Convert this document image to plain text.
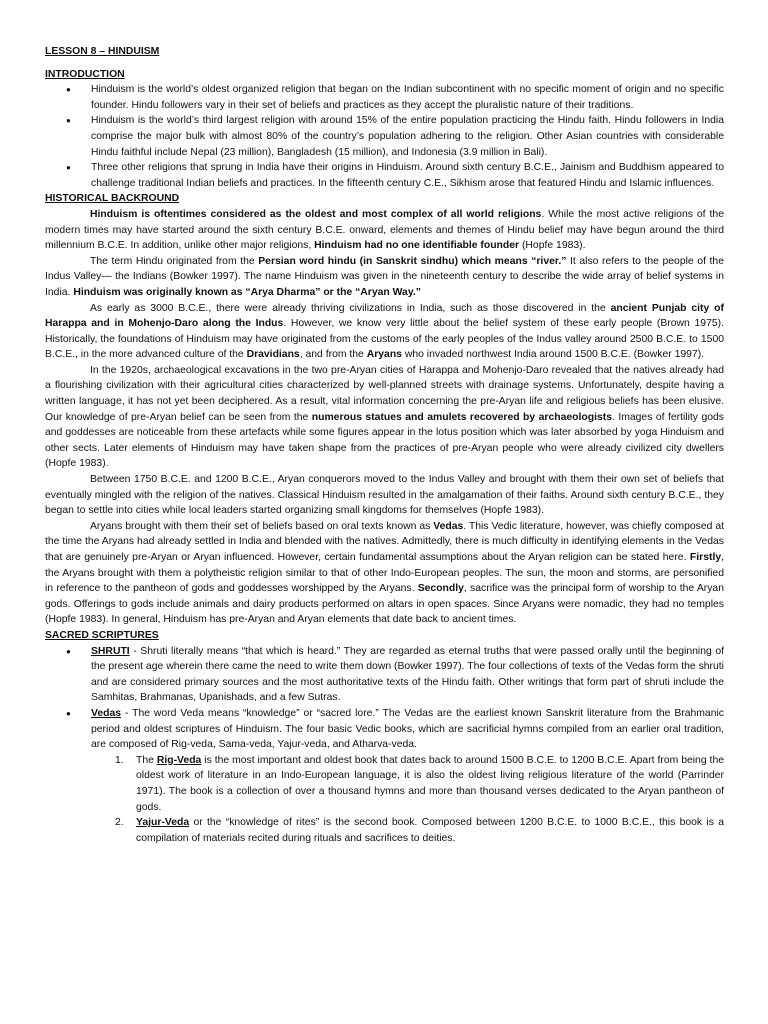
LESSON 8 – HINDUISM
INTRODUCTION
● Hinduism is the world’s oldest organized religion that began on the Indian subcontinent with no specific moment of origin and no specific founder. Hindu followers vary in their set of beliefs and practices as they accept the pluralistic nature of their traditions.
● Hinduism is the world’s third largest religion with around 15% of the entire population practicing the Hindu faith. Hindu followers in India comprise the major bulk with almost 80% of the country’s population adhering to the religion. Other Asian countries with considerable Hindu faithful include Nepal (23 million), Bangladesh (15 million), and Indonesia (3.9 million in Bali).
● Three other religions that sprung in India have their origins in Hinduism. Around sixth century B.C.E., Jainism and Buddhism appeared to challenge traditional Indian beliefs and practices. In the fifteenth century C.E., Sikhism arose that featured Hindu and Islamic influences.
HISTORICAL BACKROUND

Hinduism is oftentimes considered as the oldest and most complex of all world religions. While the most active religions of the modern times may have started around the sixth century B.C.E. onward, elements and themes of Hindu belief may have begun around the third millennium B.C.E. In addition, unlike other major religions, Hinduism had no one identifiable founder (Hopfe 1983).

The term Hindu originated from the Persian word hindu (in Sanskrit sindhu) which means “river.” It also refers to the people of the Indus Valley— the Indians (Bowker 1997). The name Hinduism was given in the nineteenth century to describe the wide array of belief systems in India. Hinduism was originally known as “Arya Dharma” or the “Aryan Way.”

As early as 3000 B.C.E., there were already thriving civilizations in India, such as those discovered in the ancient Punjab city of Harappa and in Mohenjo-Daro along the Indus. However, we know very little about the belief system of these early people (Brown 1975). Historically, the foundations of Hinduism may have originated from the customs of the early peoples of the Indus valley around 2500 B.C.E. to 1500 B.C.E., in the more advanced culture of the Dravidians, and from the Aryans who invaded northwest India around 1500 B.C.E. (Bowker 1997).

In the 1920s, archaeological excavations in the two pre-Aryan cities of Harappa and Mohenjo-Daro revealed that the natives already had a flourishing civilization with their agricultural cities characterized by well-planned streets with drainage systems. Unfortunately, despite having a written language, it has not yet been deciphered. As a result, vital information concerning the pre-Aryan life and religious beliefs has been elusive. Our knowledge of pre-Aryan belief can be seen from the numerous statues and amulets recovered by archaeologists. Images of fertility gods and goddesses are noticeable from these artefacts while some figures appear in the lotus position which was later absorbed by yoga Hinduism and other sects. Later elements of Hinduism may have taken shape from the practices of pre-Aryan people who were already civilized city dwellers (Hopfe 1983).

Between 1750 B.C.E. and 1200 B.C.E., Aryan conquerors moved to the Indus Valley and brought with them their own set of beliefs that eventually mingled with the religion of the natives. Classical Hinduism resulted in the amalgamation of their faiths. Around sixth century B.C.E., they began to settle into cities while local leaders started organizing small kingdoms for themselves (Hopfe 1983).

Aryans brought with them their set of beliefs based on oral texts known as Vedas. This Vedic literature, however, was chiefly composed at the time the Aryans had already settled in India and blended with the natives. Admittedly, there is much difficulty in identifying elements in the Vedas that are genuinely pre-Aryan or Aryan influenced. However, certain fundamental assumptions about the Aryan religion can be stated here. Firstly, the Aryans brought with them a polytheistic religion similar to that of other Indo-European peoples. The sun, the moon and storms, are personified in reference to the pantheon of gods and goddesses worshipped by the Aryans. Secondly, sacrifice was the principal form of worship to the Aryan gods. Offerings to gods include animals and dairy products performed on altars in open spaces. Since Aryans were nomadic, they had no temples (Hopfe 1983). In general, Hinduism has pre-Aryan and Aryan elements that date back to ancient times.

SACRED SCRIPTURES
● SHRUTI - Shruti literally means “that which is heard.” They are regarded as eternal truths that were passed orally until the beginning of the present age wherein there came the need to write them down (Bowker 1997). The four collections of texts of the Vedas form the shruti and are considered primary sources and the most authoritative texts of the Hindu faith. Other writings that form part of shruti include the Samhitas, Brahmanas, Upanishads, and a few Sutras.
● Vedas - The word Veda means “knowledge” or “sacred lore.” The Vedas are the earliest known Sanskrit literature from the Brahmanic period and oldest scriptures of Hinduism. The four basic Vedic books, which are sacrificial hymns compiled from an earlier oral tradition, are composed of Rig-veda, Sama-veda, Yajur-veda, and Atharva-veda.
1. The Rig-Veda is the most important and oldest book that dates back to around 1500 B.C.E. to 1200 B.C.E. Apart from being the oldest work of literature in an Indo-European language, it is also the oldest living religious literature of the world (Parrinder 1971). The book is a collection of over a thousand hymns and more than thousand verses dedicated to the Aryan pantheon of gods.
2. Yajur-Veda or the “knowledge of rites” is the second book. Composed between 1200 B.C.E. to 1000 B.C.E., this book is a compilation of materials recited during rituals and sacrifices to deities.
